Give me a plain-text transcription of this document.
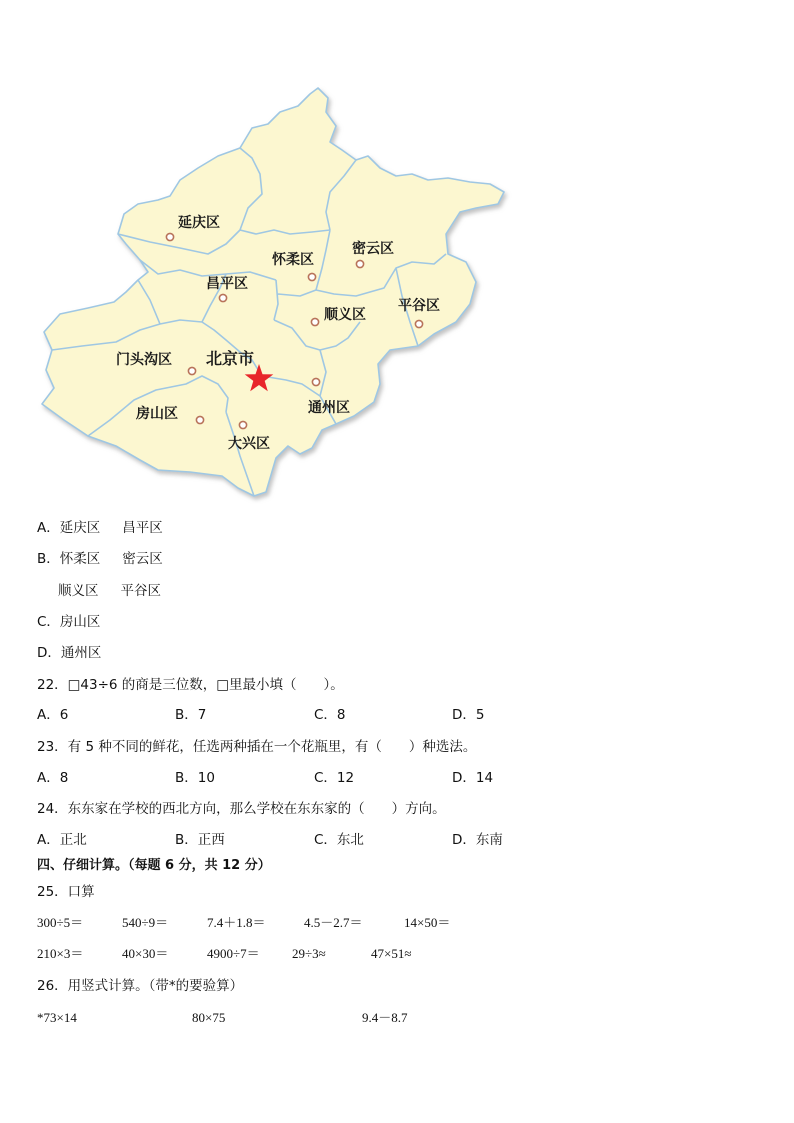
延庆区
怀柔区
密云区
昌平区
平谷区
顺义区
门头沟区 北京市
通州区
房山区
大兴区
A．延庆区 昌平区
B．怀柔区 密云区
顺义区 平谷区
C．房山区
D．通州区
22．□43÷6 的商是三位数，□里最小填（　　）。
A．6	B．7	C．8	D．5
23．有 5 种不同的鲜花，任选两种插在一个花瓶里，有（　　）种选法。
A．8	B．10	C．12	D．14
24．东东家在学校的西北方向，那么学校在东东家的（　　）方向。
A．正北	B．正西	C．东北	D．东南
四、仔细计算。（每题 6 分，共 12 分）
25．口算
300÷5＝	540÷9＝	7.4＋1.8＝	4.5－2.7＝	14×50＝
210×3＝	40×30＝	4900÷7＝ 29÷3≈	47×51≈
26．用竖式计算。（带*的要验算）
*73×14	80×75	9.4－8.7
